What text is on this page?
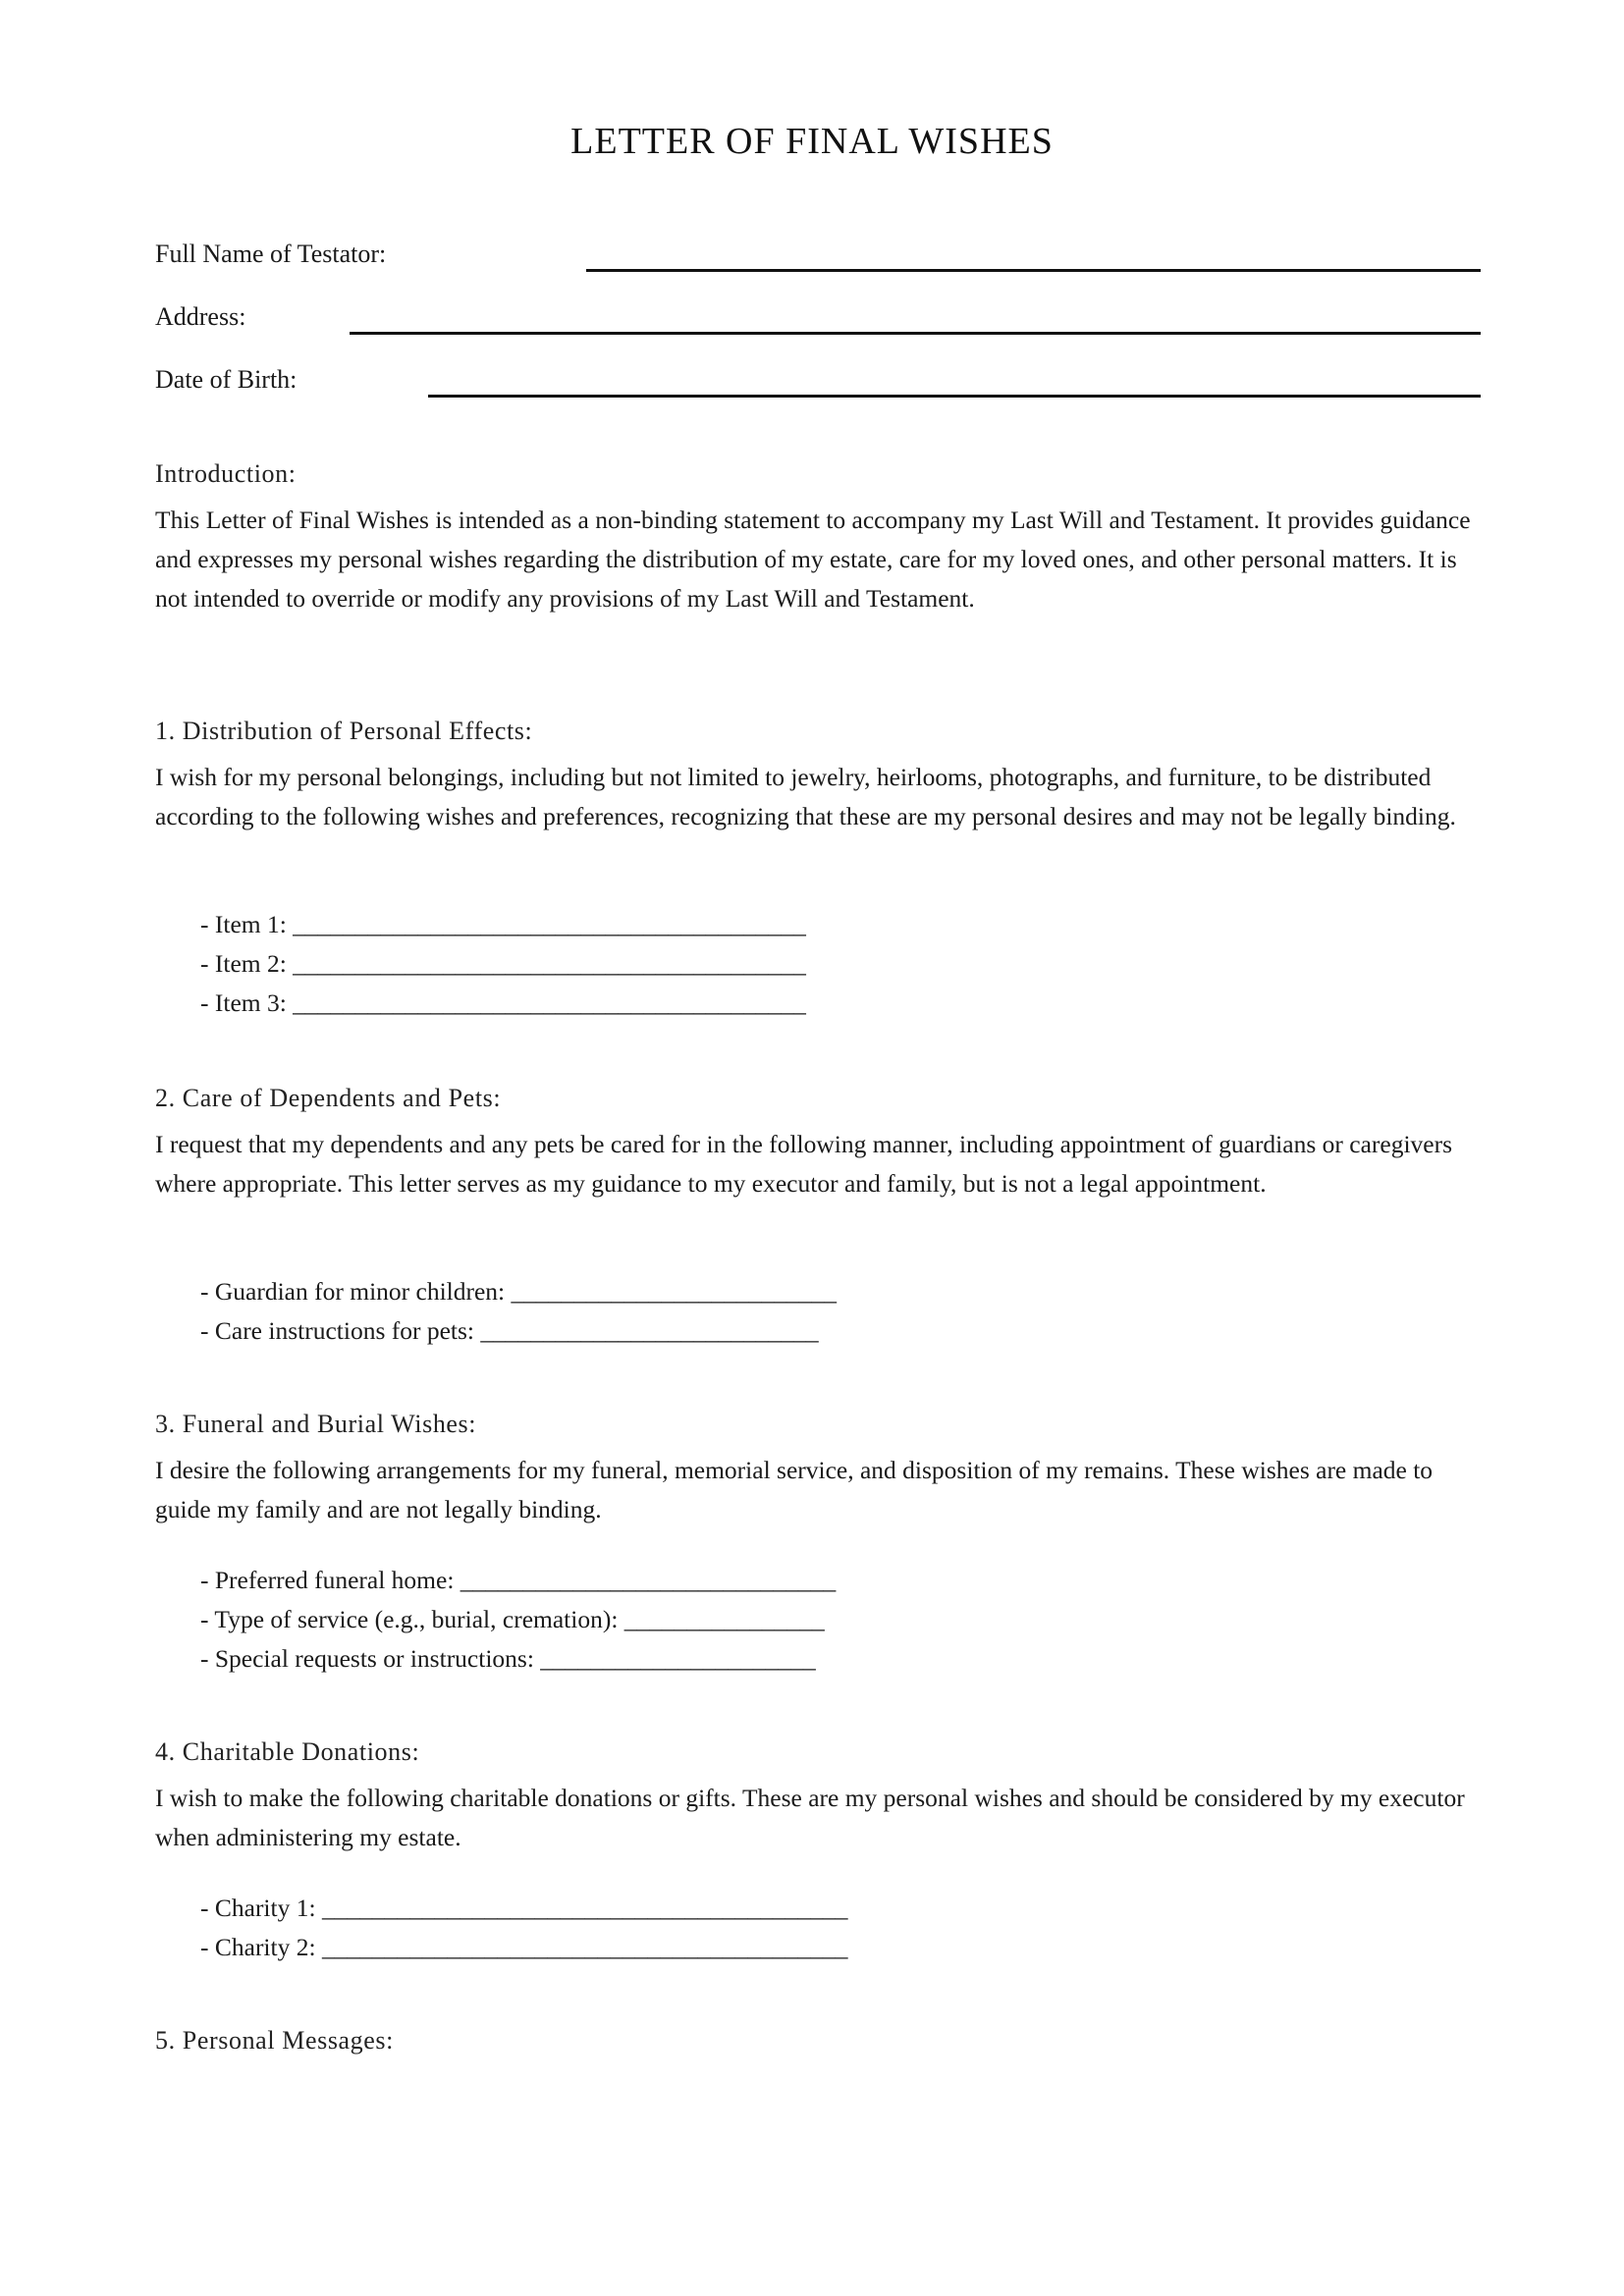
LETTER OF FINAL WISHES
Full Name of Testator:
Address:
Date of Birth:
Introduction:

This Letter of Final Wishes is intended as a non-binding statement to accompany my Last Will and Testament. It provides guidance and expresses my personal wishes regarding the distribution of my estate, care for my loved ones, and other personal matters. It is not intended to override or modify any provisions of my Last Will and Testament.

1. Distribution of Personal Effects:

I wish for my personal belongings, including but not limited to jewelry, heirlooms, photographs, and furniture, to be distributed according to the following wishes and preferences, recognizing that these are my personal desires and may not be legally binding.

- Item 1: _________________________________________
- Item 2: _________________________________________
- Item 3: _________________________________________
2. Care of Dependents and Pets:

I request that my dependents and any pets be cared for in the following manner, including appointment of guardians or caregivers where appropriate. This letter serves as my guidance to my executor and family, but is not a legal appointment.

- Guardian for minor children: __________________________
- Care instructions for pets: ___________________________
3. Funeral and Burial Wishes:

I desire the following arrangements for my funeral, memorial service, and disposition of my remains. These wishes are made to guide my family and are not legally binding.

- Preferred funeral home: ______________________________
- Type of service (e.g., burial, cremation): ________________
- Special requests or instructions: ______________________
4. Charitable Donations:

I wish to make the following charitable donations or gifts. These are my personal wishes and should be considered by my executor when administering my estate.

- Charity 1: __________________________________________
- Charity 2: __________________________________________
5. Personal Messages:
